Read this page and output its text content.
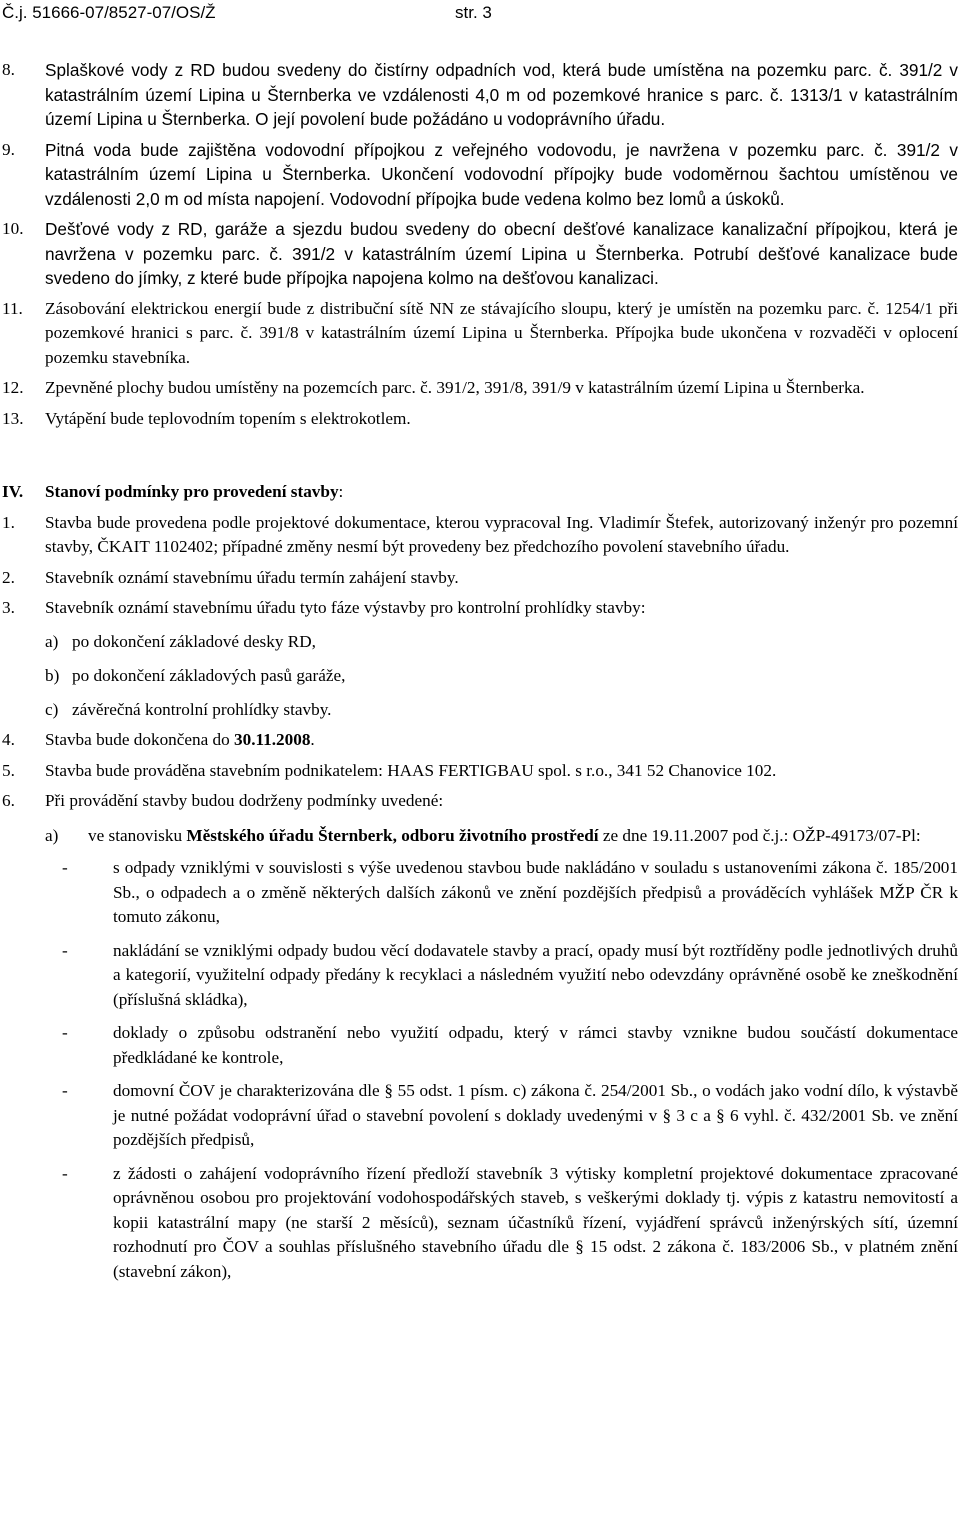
Č.j. 51666-07/8527-07/OS/Ž	str. 3
8.	Splaškové vody z RD budou svedeny do čistírny odpadních vod, která bude umístěna na pozemku parc. č. 391/2 v katastrálním území Lipina u Šternberka ve vzdálenosti 4,0 m od pozemkové hranice s parc. č. 1313/1 v katastrálním území Lipina u Šternberka. O její povolení bude požádáno u vodoprávního úřadu.
9.	Pitná voda bude zajištěna vodovodní přípojkou z veřejného vodovodu, je navržena v pozemku parc. č. 391/2 v katastrálním území Lipina u Šternberka. Ukončení vodovodní přípojky bude vodoměrnou šachtou umístěnou ve vzdálenosti 2,0 m od místa napojení. Vodovodní přípojka bude vedena kolmo bez lomů a úskoků.
10.	Dešťové vody z RD, garáže a sjezdu budou svedeny do obecní dešťové kanalizace kanalizační přípojkou, která je navržena v pozemku parc. č. 391/2 v katastrálním území Lipina u Šternberka. Potrubí dešťové kanalizace bude svedeno do jímky, z které bude přípojka napojena kolmo na dešťovou kanalizaci.
11.	Zásobování elektrickou energií bude z distribuční sítě NN ze stávajícího sloupu, který je umístěn na pozemku parc. č. 1254/1 při pozemkové hranici s parc. č. 391/8 v katastrálním území Lipina u Šternberka. Přípojka bude ukončena v rozvaděči v oplocení pozemku stavebníka.
12.	Zpevněné plochy budou umístěny na pozemcích parc. č. 391/2, 391/8, 391/9 v katastrálním území Lipina u Šternberka.
13.	Vytápění bude teplovodním topením s elektrokotlem.
IV.	Stanoví podmínky pro provedení stavby:
1.	Stavba bude provedena podle projektové dokumentace, kterou vypracoval Ing. Vladimír Štefek, autorizovaný inženýr pro pozemní stavby, ČKAIT 1102402; případné změny nesmí být provedeny bez předchozího povolení stavebního úřadu.
2.	Stavebník oznámí stavebnímu úřadu termín zahájení stavby.
3.	Stavebník oznámí stavebnímu úřadu tyto fáze výstavby pro kontrolní prohlídky stavby:
a) po dokončení základové desky RD,
b) po dokončení základových pasů garáže,
c) závěrečná kontrolní prohlídky stavby.
4.	Stavba bude dokončena do 30.11.2008.
5.	Stavba bude prováděna stavebním podnikatelem: HAAS FERTIGBAU spol. s r.o., 341 52 Chanovice 102.
6.	Při provádění stavby budou dodrženy podmínky uvedené:
a)	ve stanovisku Městského úřadu Šternberk, odboru životního prostředí ze dne 19.11.2007 pod č.j.: OŽP-49173/07-Pl:
-	s odpady vzniklými v souvislosti s výše uvedenou stavbou bude nakládáno v souladu s ustanoveními zákona č. 185/2001 Sb., o odpadech a o změně některých dalších zákonů ve znění pozdějších předpisů a prováděcích vyhlášek MŽP ČR k tomuto zákonu,
-	nakládání se vzniklými odpady budou věcí dodavatele stavby a prací, opady musí být roztříděny podle jednotlivých druhů a kategorií, využitelní odpady předány k recyklaci a následném využití nebo odevzdány oprávněné osobě ke zneškodnění (příslušná skládka),
-	doklady o způsobu odstranění nebo využití odpadu, který v rámci stavby vznikne budou součástí dokumentace předkládané ke kontrole,
-	domovní ČOV je charakterizována dle § 55 odst. 1 písm. c) zákona č. 254/2001 Sb., o vodách jako vodní dílo, k výstavbě je nutné požádat vodoprávní úřad o stavební povolení s doklady uvedenými v § 3 c a § 6 vyhl. č. 432/2001 Sb. ve znění pozdějších předpisů,
-	z žádosti o zahájení vodoprávního řízení předloží stavebník 3 výtisky kompletní projektové dokumentace zpracované oprávněnou osobou pro projektování vodohospodářských staveb, s veškerými doklady tj. výpis z katastru nemovitostí a kopii katastrální mapy (ne starší 2 měsíců), seznam účastníků řízení, vyjádření správců inženýrských sítí, územní rozhodnutí pro ČOV a souhlas příslušného stavebního úřadu dle § 15 odst. 2 zákona č. 183/2006 Sb., v platném znění (stavební zákon),
